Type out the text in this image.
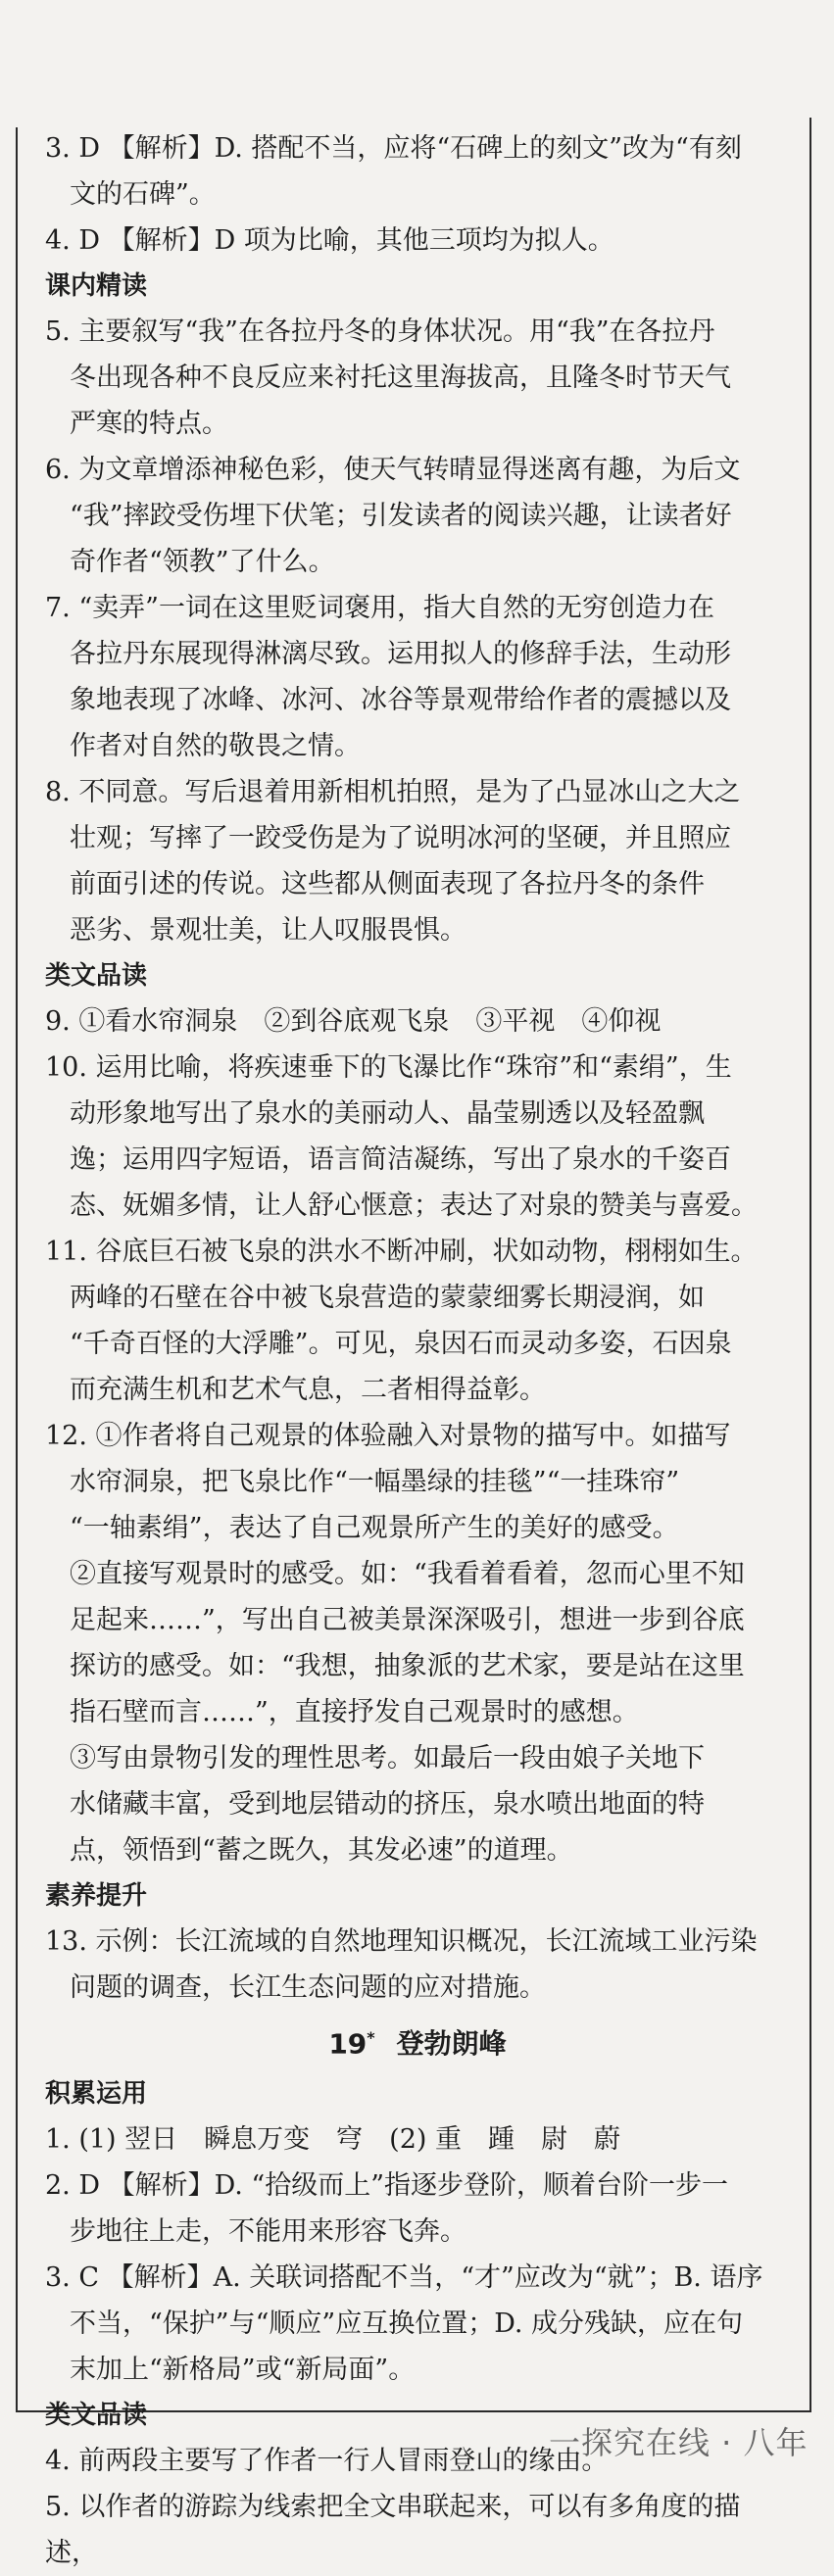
3. D 【解析】D. 搭配不当，应将“石碑上的刻文”改为“有刻

文的石碑”。

4. D 【解析】D 项为比喻，其他三项均为拟人。

课内精读

5. 主要叙写“我”在各拉丹冬的身体状况。用“我”在各拉丹

冬出现各种不良反应来衬托这里海拔高，且隆冬时节天气

严寒的特点。

6. 为文章增添神秘色彩，使天气转晴显得迷离有趣，为后文

“我”摔跤受伤埋下伏笔；引发读者的阅读兴趣，让读者好

奇作者“领教”了什么。

7. “卖弄”一词在这里贬词褒用，指大自然的无穷创造力在

各拉丹东展现得淋漓尽致。运用拟人的修辞手法，生动形

象地表现了冰峰、冰河、冰谷等景观带给作者的震撼以及

作者对自然的敬畏之情。

8. 不同意。写后退着用新相机拍照，是为了凸显冰山之大之

壮观；写摔了一跤受伤是为了说明冰河的坚硬，并且照应

前面引述的传说。这些都从侧面表现了各拉丹冬的条件

恶劣、景观壮美，让人叹服畏惧。

类文品读

9. ①看水帘洞泉　②到谷底观飞泉　③平视　④仰视

10. 运用比喻，将疾速垂下的飞瀑比作“珠帘”和“素绢”，生

动形象地写出了泉水的美丽动人、晶莹剔透以及轻盈飘

逸；运用四字短语，语言简洁凝练，写出了泉水的千姿百

态、妩媚多情，让人舒心惬意；表达了对泉的赞美与喜爱。

11. 谷底巨石被飞泉的洪水不断冲刷，状如动物，栩栩如生。

两峰的石壁在谷中被飞泉营造的蒙蒙细雾长期浸润，如

“千奇百怪的大浮雕”。可见，泉因石而灵动多姿，石因泉

而充满生机和艺术气息，二者相得益彰。

12. ①作者将自己观景的体验融入对景物的描写中。如描写

水帘洞泉，把飞泉比作“一幅墨绿的挂毯”“一挂珠帘”

“一轴素绢”，表达了自己观景所产生的美好的感受。

②直接写观景时的感受。如：“我看着看着，忽而心里不知

足起来……”，写出自己被美景深深吸引，想进一步到谷底

探访的感受。如：“我想，抽象派的艺术家，要是站在这里

指石壁而言……”，直接抒发自己观景时的感想。

③写由景物引发的理性思考。如最后一段由娘子关地下

水储藏丰富，受到地层错动的挤压，泉水喷出地面的特

点，领悟到“蓄之既久，其发必速”的道理。

素养提升

13. 示例：长江流域的自然地理知识概况，长江流域工业污染

问题的调查，长江生态问题的应对措施。

19* 登勃朗峰

积累运用

1. (1) 翌日　瞬息万变　穹　(2) 重　踵　尉　蔚

2. D 【解析】D. “拾级而上”指逐步登阶，顺着台阶一步一

步地往上走，不能用来形容飞奔。

3. C 【解析】A. 关联词搭配不当，“才”应改为“就”；B. 语序

不当，“保护”与“顺应”应互换位置；D. 成分残缺，应在句

末加上“新格局”或“新局面”。

类文品读

4. 前两段主要写了作者一行人冒雨登山的缘由。

5. 以作者的游踪为线索把全文串联起来，可以有多角度的描述，

一探究在线 · 八年
